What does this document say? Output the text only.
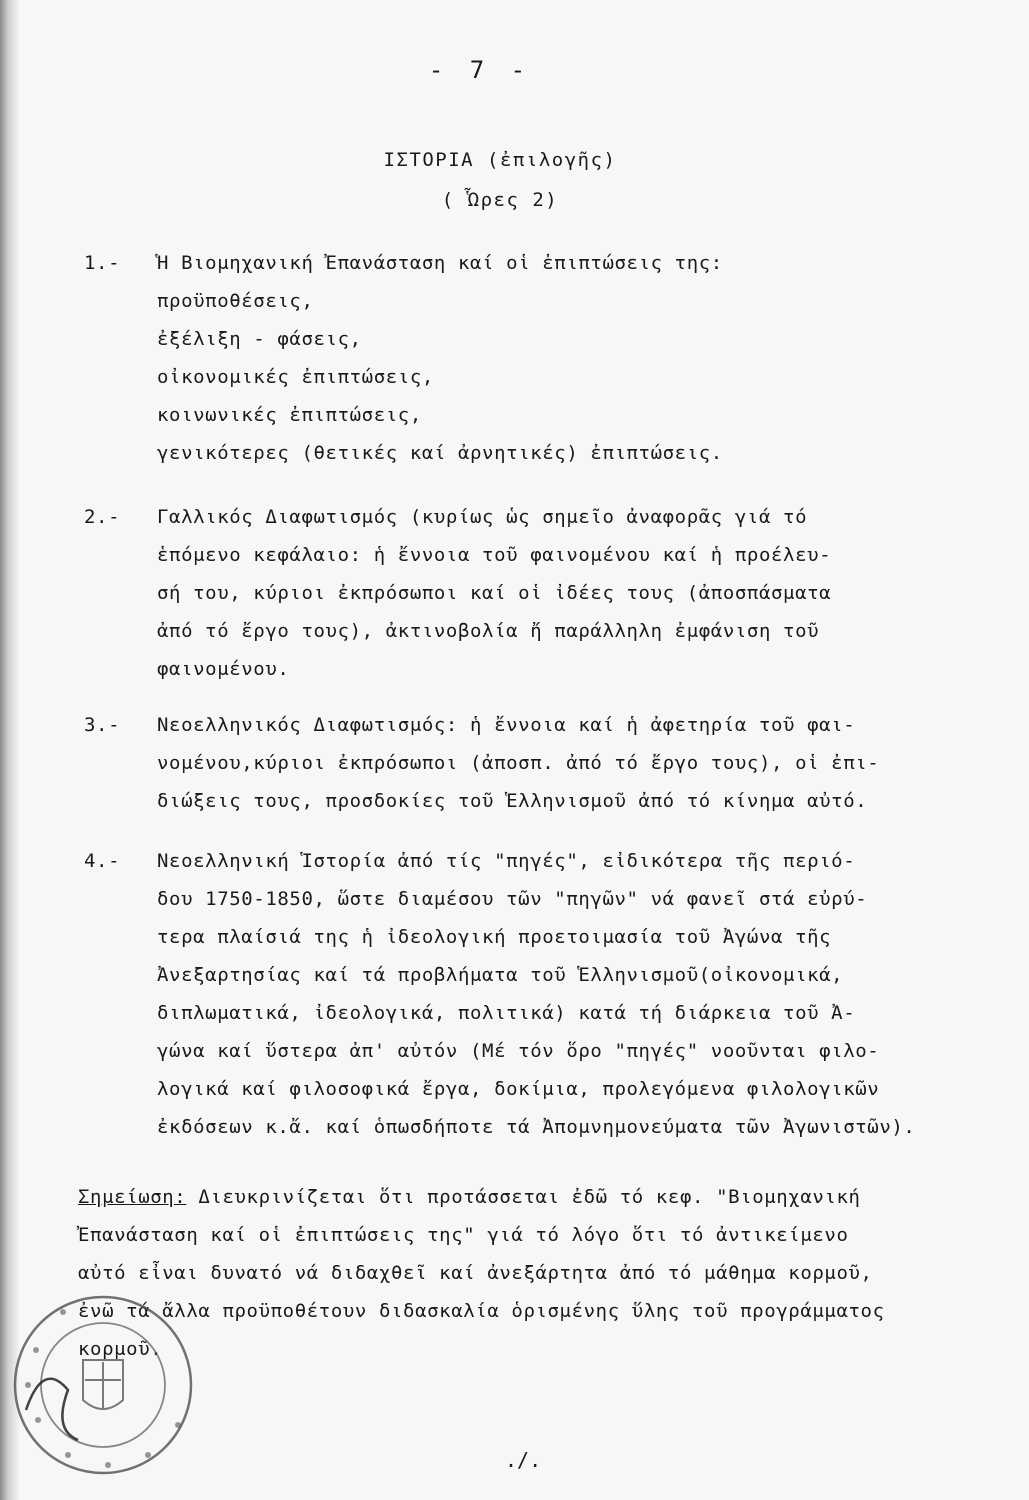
- 7 -
ΙΣΤΟΡΙΑ (ἐπιλογῆς)
( Ὧρες 2)
1.- Ἡ Βιομηχανική Ἐπανάσταση καί οἱ ἐπιπτώσεις της:
προϋποθέσεις,
ἐξέλιξη - φάσεις,
οἰκονομικές ἐπιπτώσεις,
κοινωνικές ἐπιπτώσεις,
γενικότερες (θετικές καί ἀρνητικές) ἐπιπτώσεις.
2.- Γαλλικός Διαφωτισμός (κυρίως ὡς σημεῖο ἀναφορᾶς γιά τό
ἑπόμενο κεφάλαιο: ἡ ἔννοια τοῦ φαινομένου καί ἡ προέλευ-
σή του, κύριοι ἐκπρόσωποι καί οἱ ἰδέες τους (ἀποσπάσματα
ἀπό τό ἔργο τους), ἀκτινοβολία ἤ παράλληλη ἐμφάνιση τοῦ
φαινομένου.
3.- Νεοελληνικός Διαφωτισμός: ἡ ἔννοια καί ἡ ἀφετηρία τοῦ φαι-
νομένου,κύριοι ἐκπρόσωποι (ἀποσπ. ἀπό τό ἔργο τους), οἱ ἐπι-
διώξεις τους, προσδοκίες τοῦ Ἑλληνισμοῦ ἀπό τό κίνημα αὐτό.
4.- Νεοελληνική Ἱστορία ἀπό τίς "πηγές", εἰδικότερα τῆς περιό-
δου 1750-1850, ὥστε διαμέσου τῶν "πηγῶν" νά φανεῖ στά εὐρύ-
τερα πλαίσιά της ἡ ἰδεολογική προετοιμασία τοῦ Ἀγώνα τῆς
Ἀνεξαρτησίας καί τά προβλήματα τοῦ Ἑλληνισμοῦ(οἰκονομικά,
διπλωματικά, ἰδεολογικά, πολιτικά) κατά τή διάρκεια τοῦ Ἀ-
γώνα καί ὕστερα ἀπ' αὐτόν (Μέ τόν ὅρο "πηγές" νοοῦνται φιλο-
λογικά καί φιλοσοφικά ἔργα, δοκίμια, προλεγόμενα φιλολογικῶν
ἐκδόσεων κ.ἄ. καί ὁπωσδήποτε τά Ἀπομνημονεύματα τῶν Ἀγωνιστῶν).
Σημείωση: Διευκρινίζεται ὅτι προτάσσεται ἐδῶ τό κεφ. "Βιομηχανική
Ἐπανάσταση καί οἱ ἐπιπτώσεις της" γιά τό λόγο ὅτι τό ἀντικείμενο
αὐτό εἶναι δυνατό νά διδαχθεῖ καί ἀνεξάρτητα ἀπό τό μάθημα κορμοῦ,
ἐνῶ τά ἄλλα προϋποθέτουν διδασκαλία ὁρισμένης ὕλης τοῦ προγράμματος
κορμοῦ.
./.
